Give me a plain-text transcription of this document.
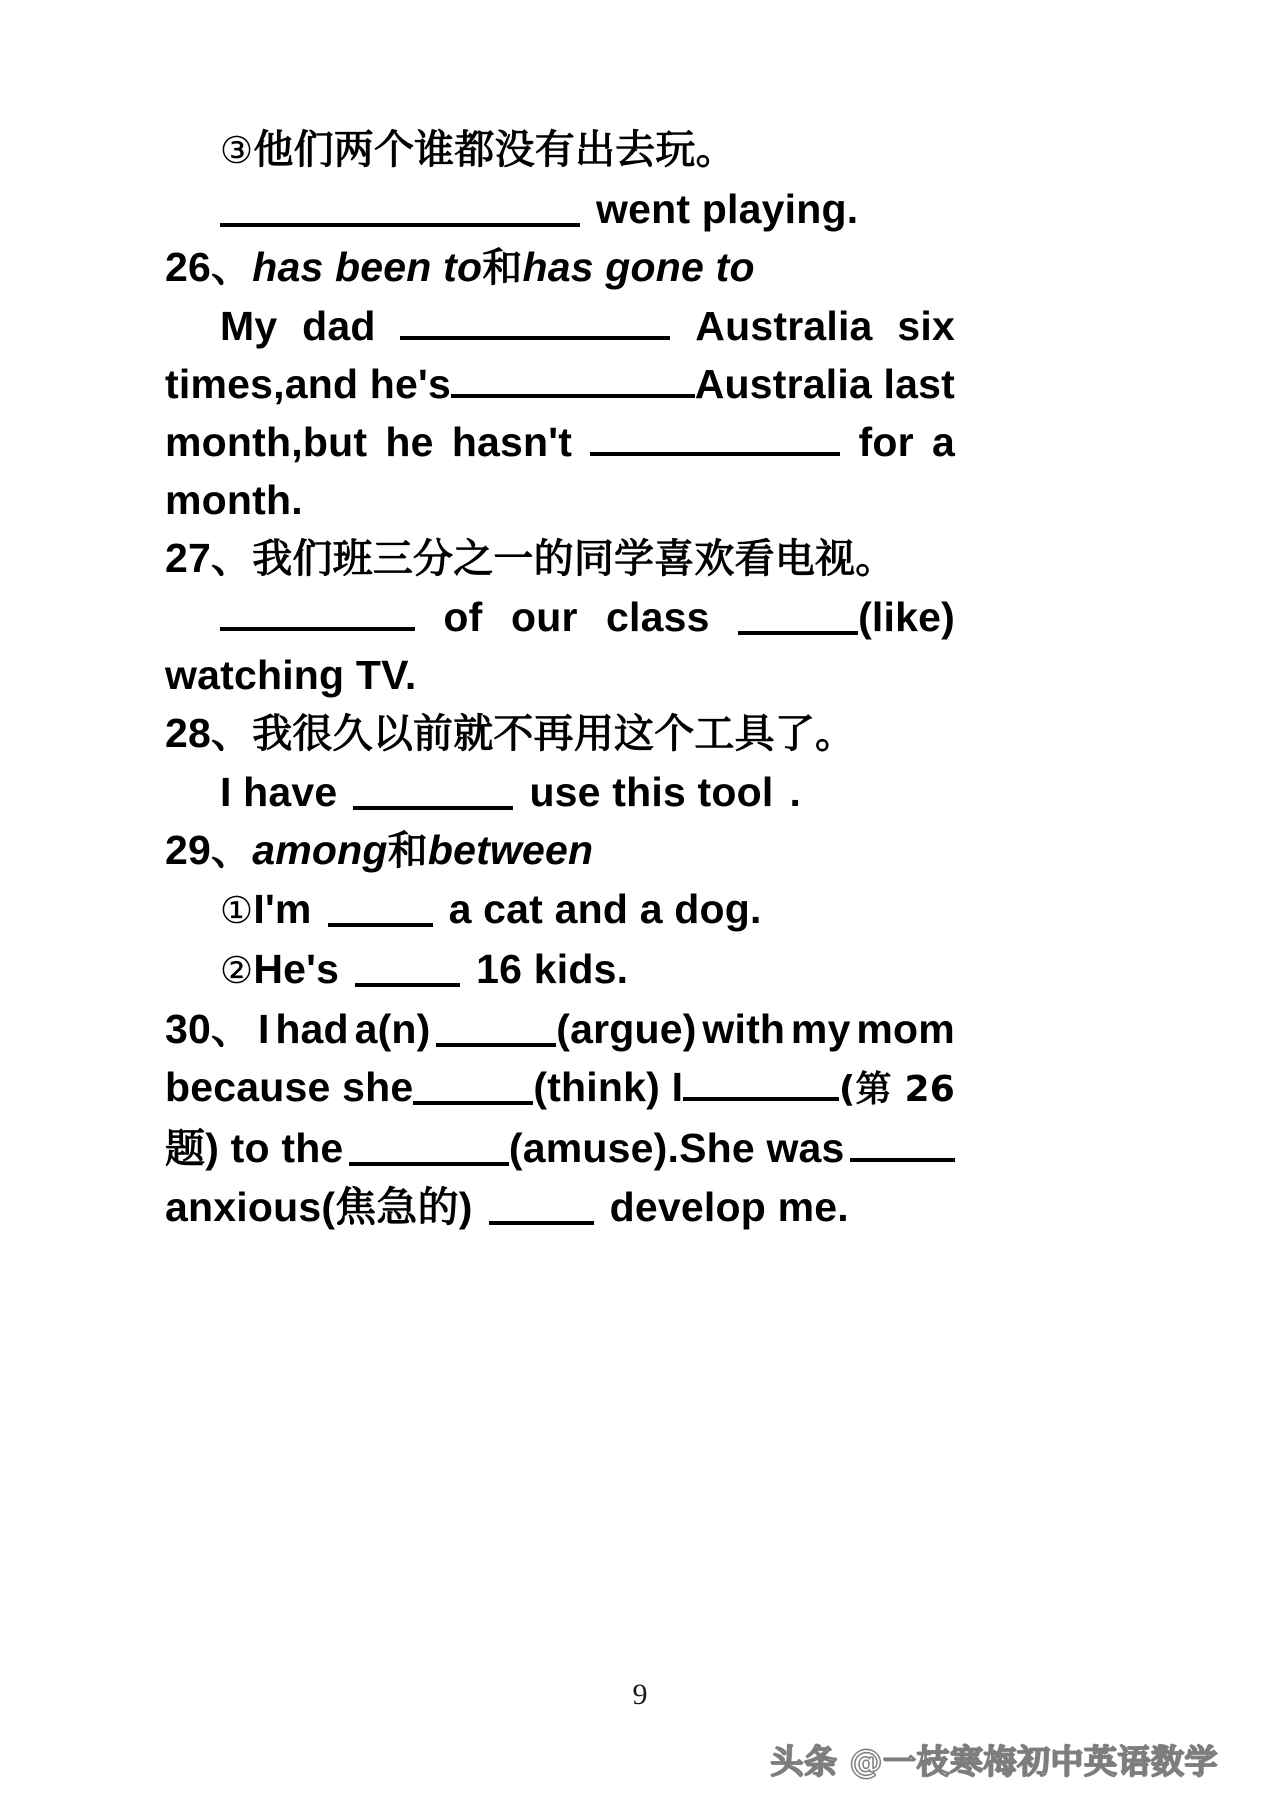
③他们两个谁都没有出去玩。
went playing.
26、has been to和has gone to
My dad	Australia six
times,and he's	Australia last
month,but he hasn't	for a
month.
27、我们班三分之一的同学喜欢看电视。
of our class	(like)
watching TV.
28、我很久以前就不再用这个工具了。
I have	use this tool .
29、among和between
①I'm	a cat and a dog.
②He's	16 kids.
30、 I had a(n)	(argue) with my mom
because she	(think) I	(第 26
题) to the	(amuse).She was
anxious(焦急的)	develop me.
9
头条 @一枝寒梅初中英语数学
